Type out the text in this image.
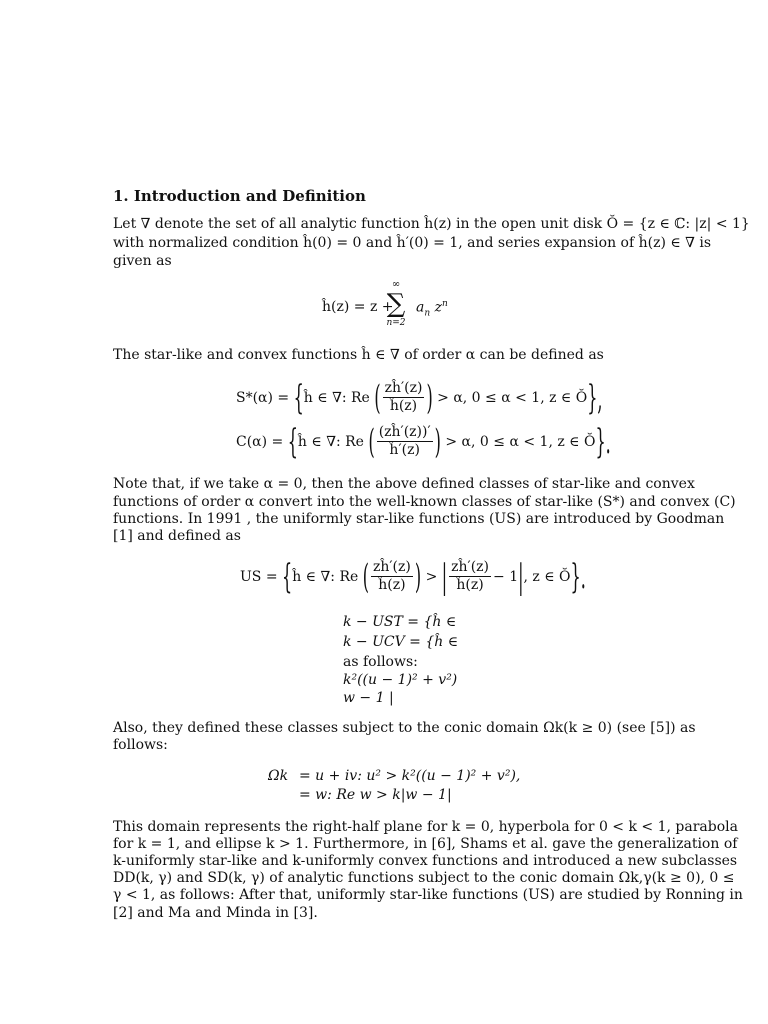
1. Introduction and Definition
Let ∇ denote the set of all analytic function ĥ(z) in the open unit disk Ŏ = {z ∈ ℂ: |z| < 1}
with normalized condition ĥ(0) = 0 and ĥ′(0) = 1, and series expansion of ĥ(z) ∈ ∇ is
given as
ĥ(z) = z +
∞
∑
n=2
$a_n$ $z^n$
The star-like and convex functions ĥ ∈ ∇ of order α can be defined as
S*(α) = {ĥ ∈ ∇: Re ( $\frac{zĥ'(z)}{ĥ(z)}$ ) > α, 0 ≤ α < 1, z ∈ Ŏ},
C(α) = {ĥ ∈ ∇: Re ( $\frac{(zĥ'(z))'}{ĥ'(z)}$ ) > α, 0 ≤ α < 1, z ∈ Ŏ}.
Note that, if we take α = 0, then the above defined classes of star-like and convex
functions of order α convert into the well-known classes of star-like (S*) and convex (C)
functions. In 1991 , the uniformly star-like functions (US) are introduced by Goodman
[1] and defined as
US = {ĥ ∈ ∇: Re ( $\frac{zĥ'(z)}{ĥ(z)}$ ) > | $\frac{zĥ'(z)}{ĥ(z)} - 1|$, z ∈ Ŏ}.
k − UST = {ĥ ∈
k − UCV = {ĥ ∈
as follows:
k²((u − 1)² + v²)
w − 1 |
Also, they defined these classes subject to the conic domain Ωk(k ≥ 0) (see [5]) as
follows:
Ωk = u + iv: u² > k²((u − 1)² + v²),
= w: Re w > k|w − 1|
This domain represents the right-half plane for k = 0, hyperbola for 0 < k < 1, parabola
for k = 1, and ellipse k > 1. Furthermore, in [6], Shams et al. gave the generalization of
k-uniformly star-like and k-uniformly convex functions and introduced a new subclasses
DD(k, γ) and SD(k, γ) of analytic functions subject to the conic domain Ωk,γ(k ≥ 0), 0 ≤
γ < 1, as follows: After that, uniformly star-like functions (US) are studied by Ronning in
[2] and Ma and Minda in [3].
